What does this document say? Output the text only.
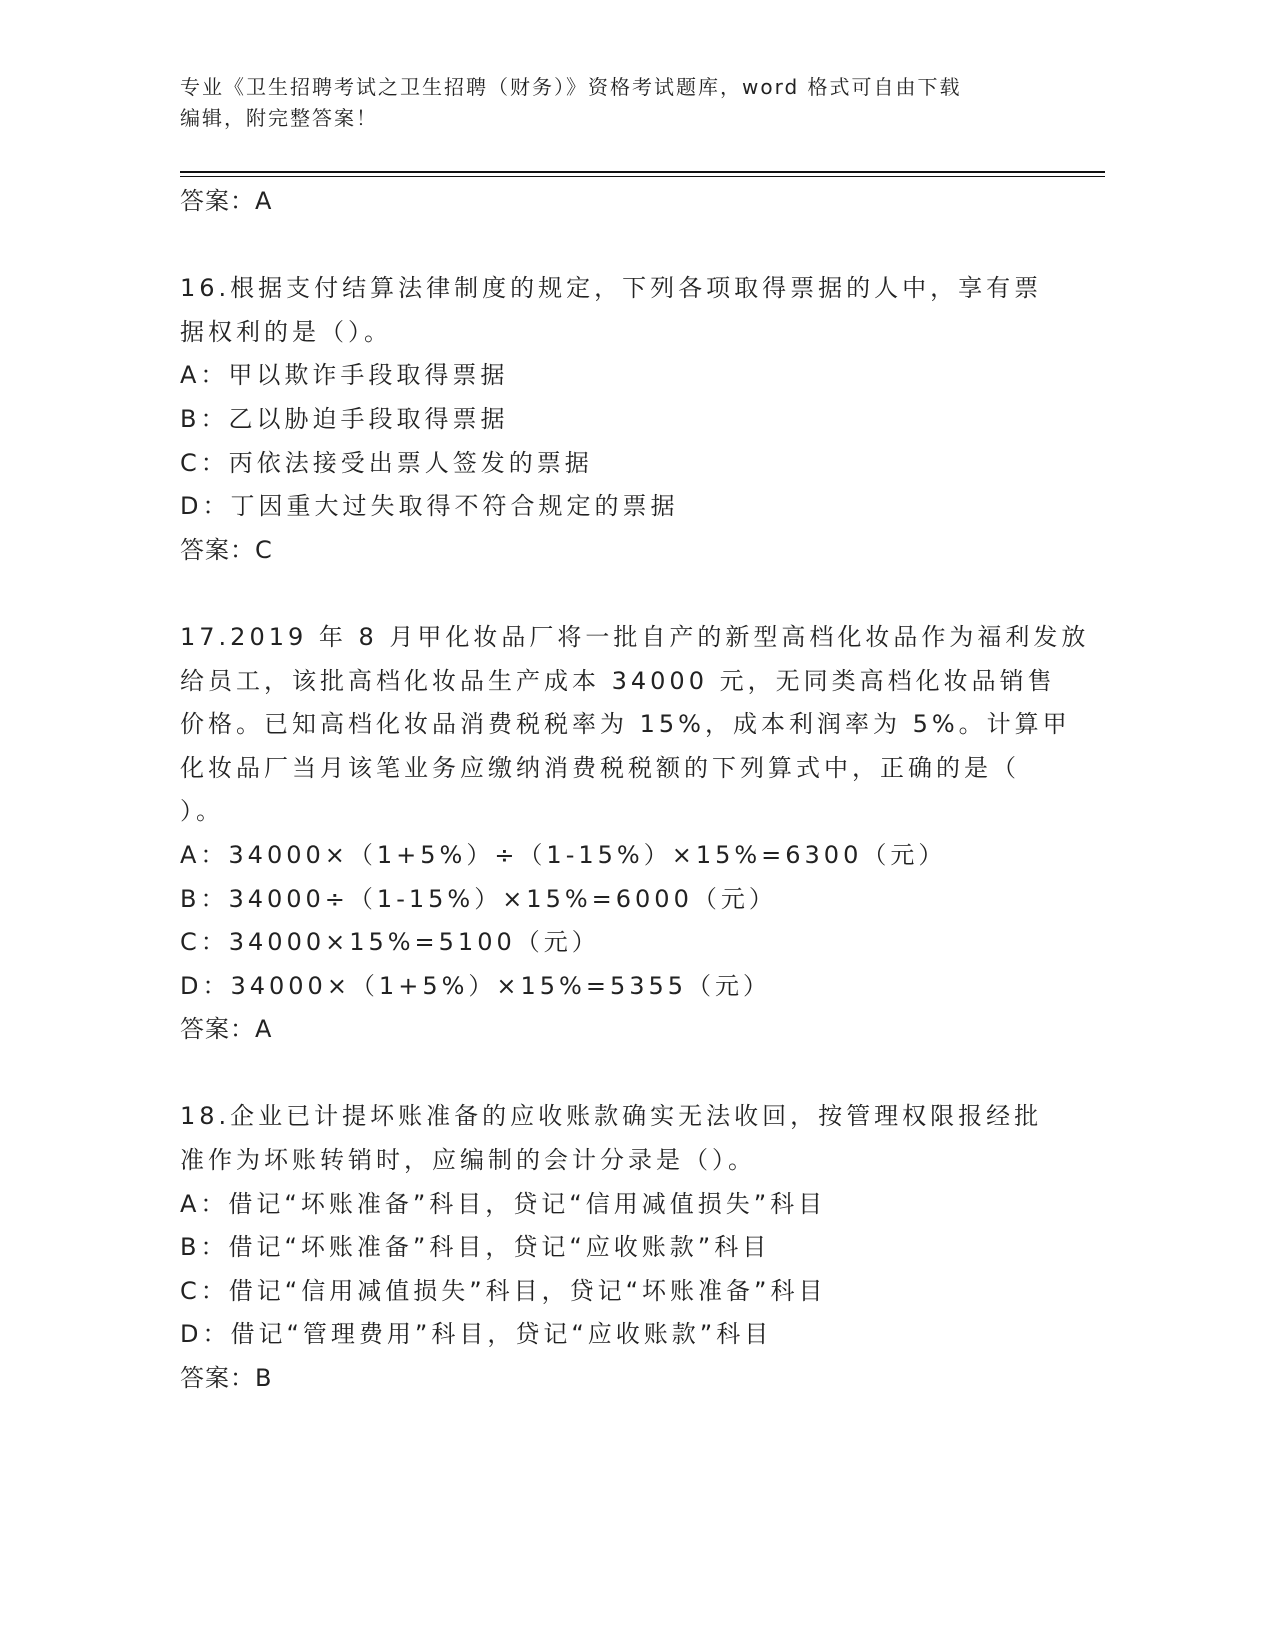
专业《卫生招聘考试之卫生招聘（财务）》资格考试题库，word 格式可自由下载
编辑，附完整答案！
答案：A
16.根据支付结算法律制度的规定，下列各项取得票据的人中，享有票
据权利的是（）。
A：甲以欺诈手段取得票据
B：乙以胁迫手段取得票据
C：丙依法接受出票人签发的票据
D：丁因重大过失取得不符合规定的票据
答案：C
17.2019 年 8 月甲化妆品厂将一批自产的新型高档化妆品作为福利发放
给员工，该批高档化妆品生产成本 34000 元，无同类高档化妆品销售
价格。已知高档化妆品消费税税率为 15%，成本利润率为 5%。计算甲
化妆品厂当月该笔业务应缴纳消费税税额的下列算式中，正确的是（
）。
A：34000×（1+5%）÷（1-15%）×15%=6300（元）
B：34000÷（1-15%）×15%=6000（元）
C：34000×15%=5100（元）
D：34000×（1+5%）×15%=5355（元）
答案：A
18.企业已计提坏账准备的应收账款确实无法收回，按管理权限报经批
准作为坏账转销时，应编制的会计分录是（）。
A：借记“坏账准备”科目，贷记“信用减值损失”科目
B：借记“坏账准备”科目，贷记“应收账款”科目
C：借记“信用减值损失”科目，贷记“坏账准备”科目
D：借记“管理费用”科目，贷记“应收账款”科目
答案：B
